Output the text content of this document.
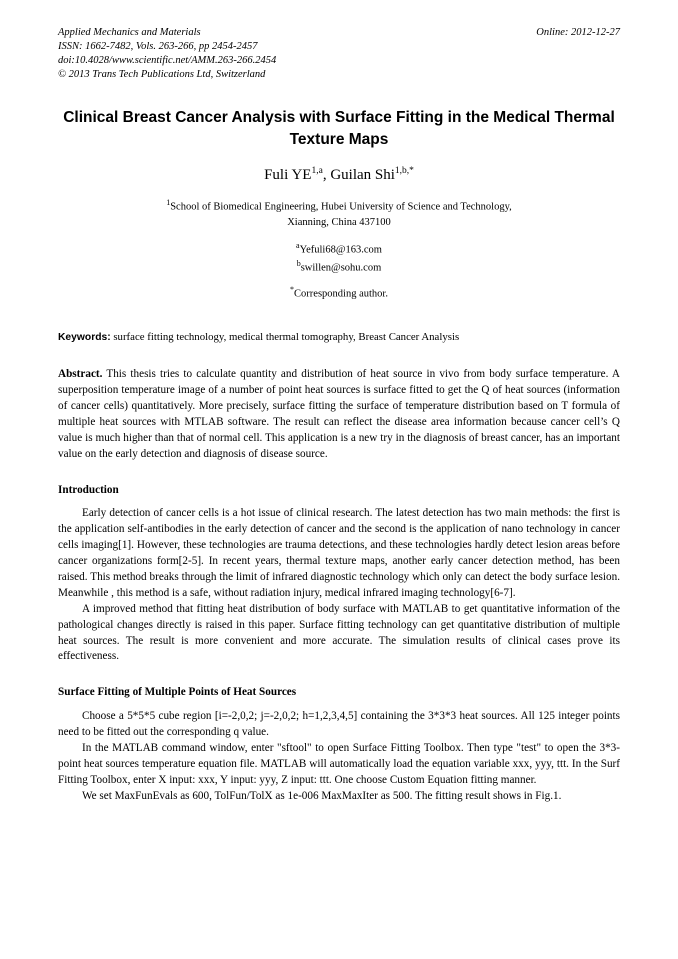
Applied Mechanics and Materials
ISSN: 1662-7482, Vols. 263-266, pp 2454-2457
doi:10.4028/www.scientific.net/AMM.263-266.2454
© 2013 Trans Tech Publications Ltd, Switzerland
Online: 2012-12-27
Clinical Breast Cancer Analysis with Surface Fitting in the Medical Thermal Texture Maps
Fuli YE$^{1,a}$, Guilan Shi$^{1,b,*}$
$^1$School of Biomedical Engineering, Hubei University of Science and Technology,
Xianning, China 437100
$^a$Yefuli68@163.com
$^b$swillen@sohu.com
*Corresponding author.
Keywords: surface fitting technology, medical thermal tomography, Breast Cancer Analysis
Abstract. This thesis tries to calculate quantity and distribution of heat source in vivo from body surface temperature. A superposition temperature image of a number of point heat sources is surface fitted to get the Q of heat sources (information of cancer cells) quantitatively. More precisely, surface fitting the surface of temperature distribution based on T formula of multiple heat sources with MTLAB software. The result can reflect the disease area information because cancer cell’s Q value is much higher than that of normal cell. This application is a new try in the diagnosis of breast cancer, has an important value on the early detection and diagnosis of disease source.
Introduction

Early detection of cancer cells is a hot issue of clinical research. The latest detection has two main methods: the first is the application self-antibodies in the early detection of cancer and the second is the application of nano technology in cancer cells imaging[1]. However, these technologies are trauma detections, and these technologies hardly detect lesion areas before cancer organizations form[2-5]. In recent years, thermal texture maps, another early cancer detection method, has been raised. This method breaks through the limit of infrared diagnostic technology which only can detect the body surface lesion. Meanwhile , this method is a safe, without radiation injury, medical infrared imaging technology[6-7].

A improved method that fitting heat distribution of body surface with MATLAB to get quantitative information of the pathological changes directly is raised in this paper. Surface fitting technology can get quantitative distribution of multiple heat sources. The result is more convenient and more accurate. The simulation results of clinical cases prove its effectiveness.

Surface Fitting of Multiple Points of Heat Sources

Choose a 5*5*5 cube region [i=-2,0,2; j=-2,0,2; h=1,2,3,4,5] containing the 3*3*3 heat sources. All 125 integer points need to be fitted out the corresponding q value.

In the MATLAB command window, enter "sftool" to open Surface Fitting Toolbox. Then type "test" to open the 3*3-point heat sources temperature equation file. MATLAB will automatically load the equation variable xxx, yyy, ttt. In the Surf Fitting Toolbox, enter X input: xxx, Y input: yyy, Z input: ttt. One choose Custom Equation fitting manner.

We set MaxFunEvals as 600, TolFun/TolX as 1e-006 MaxMaxIter as 500. The fitting result shows in Fig.1.
